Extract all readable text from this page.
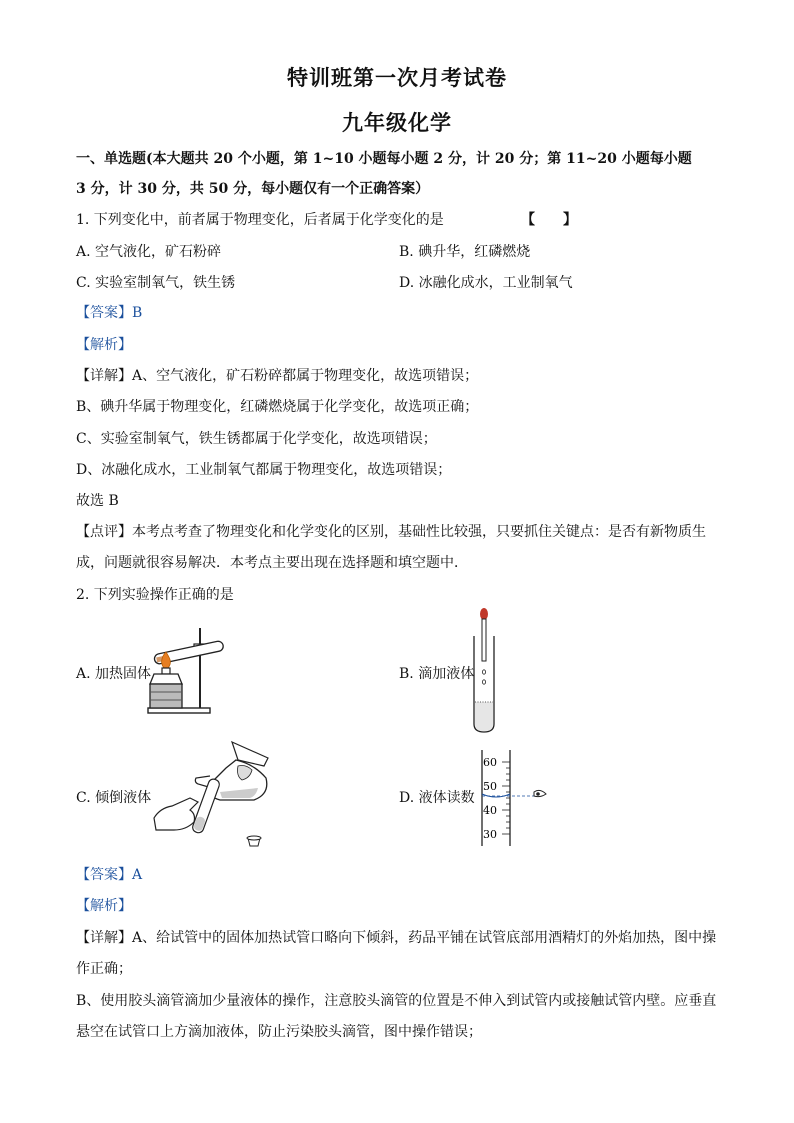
特训班第一次月考试卷
九年级化学
一、单选题(本大题共 20 个小题，第 1~10 小题每小题 2 分，计 20 分；第 11~20 小题每小题
3 分，计 30 分，共 50 分，每小题仅有一个正确答案）
1. 下列变化中，前者属于物理变化，后者属于化学变化的是	【　　】
A. 空气液化，矿石粉碎	B. 碘升华，红磷燃烧
C. 实验室制氧气，铁生锈	D. 冰融化成水，工业制氧气
【答案】B
【解析】
【详解】A、空气液化，矿石粉碎都属于物理变化，故选项错误；
B、碘升华属于物理变化，红磷燃烧属于化学变化，故选项正确；
C、实验室制氧气，铁生锈都属于化学变化，故选项错误；
D、冰融化成水，工业制氧气都属于物理变化，故选项错误；
故选 B
【点评】本考点考查了物理变化和化学变化的区别，基础性比较强，只要抓住关键点：是否有新物质生
成，问题就很容易解决．本考点主要出现在选择题和填空题中．
2. 下列实验操作正确的是
A. 加热固体	B. 滴加液体
C. 倾倒液体	D. 液体读数
60
50
40
30
【答案】A
【解析】
【详解】A、给试管中的固体加热试管口略向下倾斜，药品平铺在试管底部用酒精灯的外焰加热，图中操
作正确；
B、使用胶头滴管滴加少量液体的操作，注意胶头滴管的位置是不伸入到试管内或接触试管内壁。应垂直
悬空在试管口上方滴加液体，防止污染胶头滴管，图中操作错误；
